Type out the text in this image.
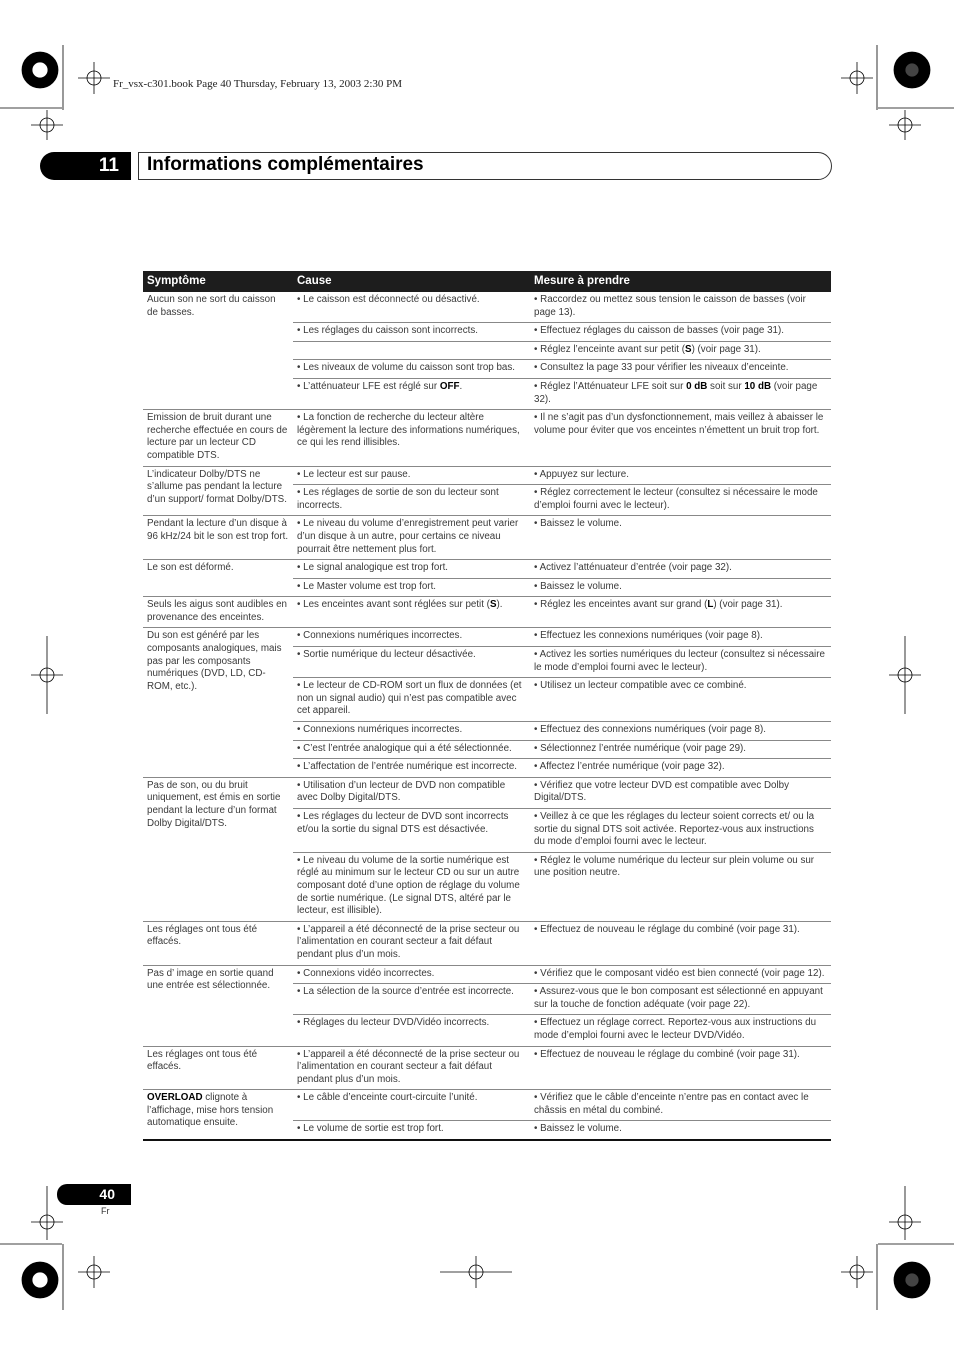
Fr_vsx-c301.book Page 40 Thursday, February 13, 2003 2:30 PM
11 Informations complémentaires
Symptôme	Cause	Mesure à prendre
Aucun son ne sort du caisson de basses.	• Le caisson est déconnecté ou désactivé.	• Raccordez ou mettez sous tension le caisson de basses (voir page 13).
	• Les réglages du caisson sont incorrects.	• Effectuez réglages du caisson de basses (voir page 31).
		• Réglez l’enceinte avant sur petit (S) (voir page 31).
	• Les niveaux de volume du caisson sont trop bas.	• Consultez la page 33 pour vérifier les niveaux d’enceinte.
	• L’atténuateur LFE est réglé sur OFF.	• Réglez l’Atténuateur LFE soit sur 0 dB soit sur 10 dB (voir page 32).
Emission de bruit durant une recherche effectuée en cours de lecture par un lecteur CD compatible DTS.	• La fonction de recherche du lecteur altère légèrement la lecture des informations numériques, ce qui les rend illisibles.	• Il ne s’agit pas d’un dysfonctionnement, mais veillez à abaisser le volume pour éviter que vos enceintes n’émettent un bruit trop fort.
L’indicateur Dolby/DTS ne s’allume pas pendant la lecture d’un support/ format Dolby/DTS.	• Le lecteur est sur pause.	• Appuyez sur lecture.
	• Les réglages de sortie de son du lecteur sont incorrects.	• Réglez correctement le lecteur (consultez si nécessaire le mode d’emploi fourni avec le lecteur).
Pendant la lecture d’un disque à 96 kHz/24 bit le son est trop fort.	• Le niveau du volume d’enregistrement peut varier d’un disque à un autre, pour certains ce niveau pourrait être nettement plus fort.	• Baissez le volume.
Le son est déformé.	• Le signal analogique est trop fort.	• Activez l’atténuateur d’entrée (voir page 32).
	• Le Master volume est trop fort.	• Baissez le volume.
Seuls les aigus sont audibles en provenance des enceintes.	• Les enceintes avant sont réglées sur petit (S).	• Réglez les enceintes avant sur grand (L) (voir page 31).
Du son est généré par les composants analogiques, mais pas par les composants numériques (DVD, LD, CD-ROM, etc.).	• Connexions numériques incorrectes.	• Effectuez les connexions numériques (voir page 8).
	• Sortie numérique du lecteur désactivée.	• Activez les sorties numériques du lecteur (consultez si nécessaire le mode d’emploi fourni avec le lecteur).
	• Le lecteur de CD-ROM sort un flux de données (et non un signal audio) qui n’est pas compatible avec cet appareil.	• Utilisez un lecteur compatible avec ce combiné.
	• Connexions numériques incorrectes.	• Effectuez des connexions numériques (voir page 8).
	• C’est l’entrée analogique qui a été sélectionnée.	• Sélectionnez l’entrée numérique (voir page 29).
	• L’affectation de l’entrée numérique est incorrecte.	• Affectez l’entrée numérique (voir page 32).
Pas de son, ou du bruit uniquement, est émis en sortie pendant la lecture d’un format Dolby Digital/DTS.	• Utilisation d’un lecteur de DVD non compatible avec Dolby Digital/DTS.	• Vérifiez que votre lecteur DVD est compatible avec Dolby Digital/DTS.
	• Les réglages du lecteur de DVD sont incorrects et/ou la sortie du signal DTS est désactivée.	• Veillez à ce que les réglages du lecteur soient corrects et/ ou la sortie du signal DTS soit activée. Reportez-vous aux instructions du mode d’emploi fourni avec le lecteur.
	• Le niveau du volume de la sortie numérique est réglé au minimum sur le lecteur CD ou sur un autre composant doté d’une option de réglage du volume de sortie numérique. (Le signal DTS, altéré par le lecteur, est illisible).	• Réglez le volume numérique du lecteur sur plein volume ou sur une position neutre.
Les réglages ont tous été effacés.	• L’appareil a été déconnecté de la prise secteur ou l’alimentation en courant secteur a fait défaut pendant plus d’un mois.	• Effectuez de nouveau le réglage du combiné (voir page 31).
Pas d’ image en sortie quand une entrée est sélectionnée.	• Connexions vidéo incorrectes.	• Vérifiez que le composant vidéo est bien connecté (voir page 12).
	• La sélection de la source d’entrée est incorrecte.	• Assurez-vous que le bon composant est sélectionné en appuyant sur la touche de fonction adéquate (voir page 22).
	• Réglages du lecteur DVD/Vidéo incorrects.	• Effectuez un réglage correct. Reportez-vous aux instructions du mode d’emploi fourni avec le lecteur DVD/Vidéo.
Les réglages ont tous été effacés.	• L’appareil a été déconnecté de la prise secteur ou l’alimentation en courant secteur a fait défaut pendant plus d’un mois.	• Effectuez de nouveau le réglage du combiné (voir page 31).
OVERLOAD clignote à l’affichage, mise hors tension automatique ensuite.	• Le câble d’enceinte court-circuite l’unité.	• Vérifiez que le câble d’enceinte n’entre pas en contact avec le châssis en métal du combiné.
	• Le volume de sortie est trop fort.	• Baissez le volume.
40
Fr
